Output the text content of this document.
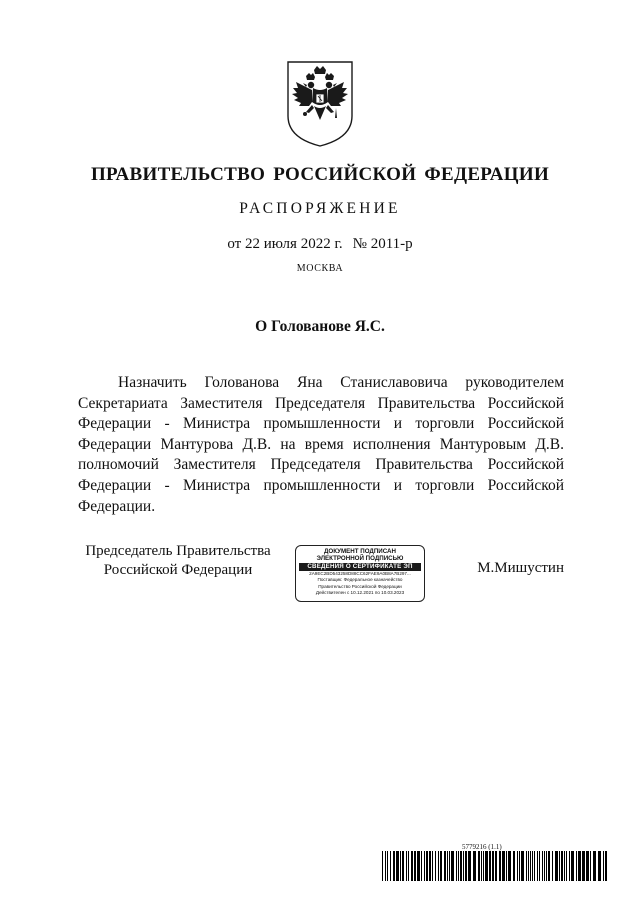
ПРАВИТЕЛЬСТВО РОССИЙСКОЙ ФЕДЕРАЦИИ
РАСПОРЯЖЕНИЕ
от 22 июля 2022 г. № 2011-р
МОСКВА
О Голованове Я.С.

Назначить Голованова Яна Станиславовича руководителем Секретариата Заместителя Председателя Правительства Российской Федерации - Министра промышленности и торговли Российской Федерации Мантурова Д.В. на время исполнения Мантуровым Д.В. полномочий Заместителя Председателя Правительства Российской Федерации - Министра промышленности и торговли Российской Федерации.

Председатель Правительства
Российской Федерации
ДОКУМЕНТ ПОДПИСАН
ЭЛЕКТРОННОЙ ПОДПИСЬЮ
СВЕДЕНИЯ О СЕРТИФИКАТЕ ЭП
2A9EC2BD543258D88CC62FAE9A0B8A7B297...
Поставщик: Федеральное казначейство
Правительство Российской Федерации
Действителен с 10.12.2021 по 10.03.2023
М.Мишустин
5779216 (1.1)
